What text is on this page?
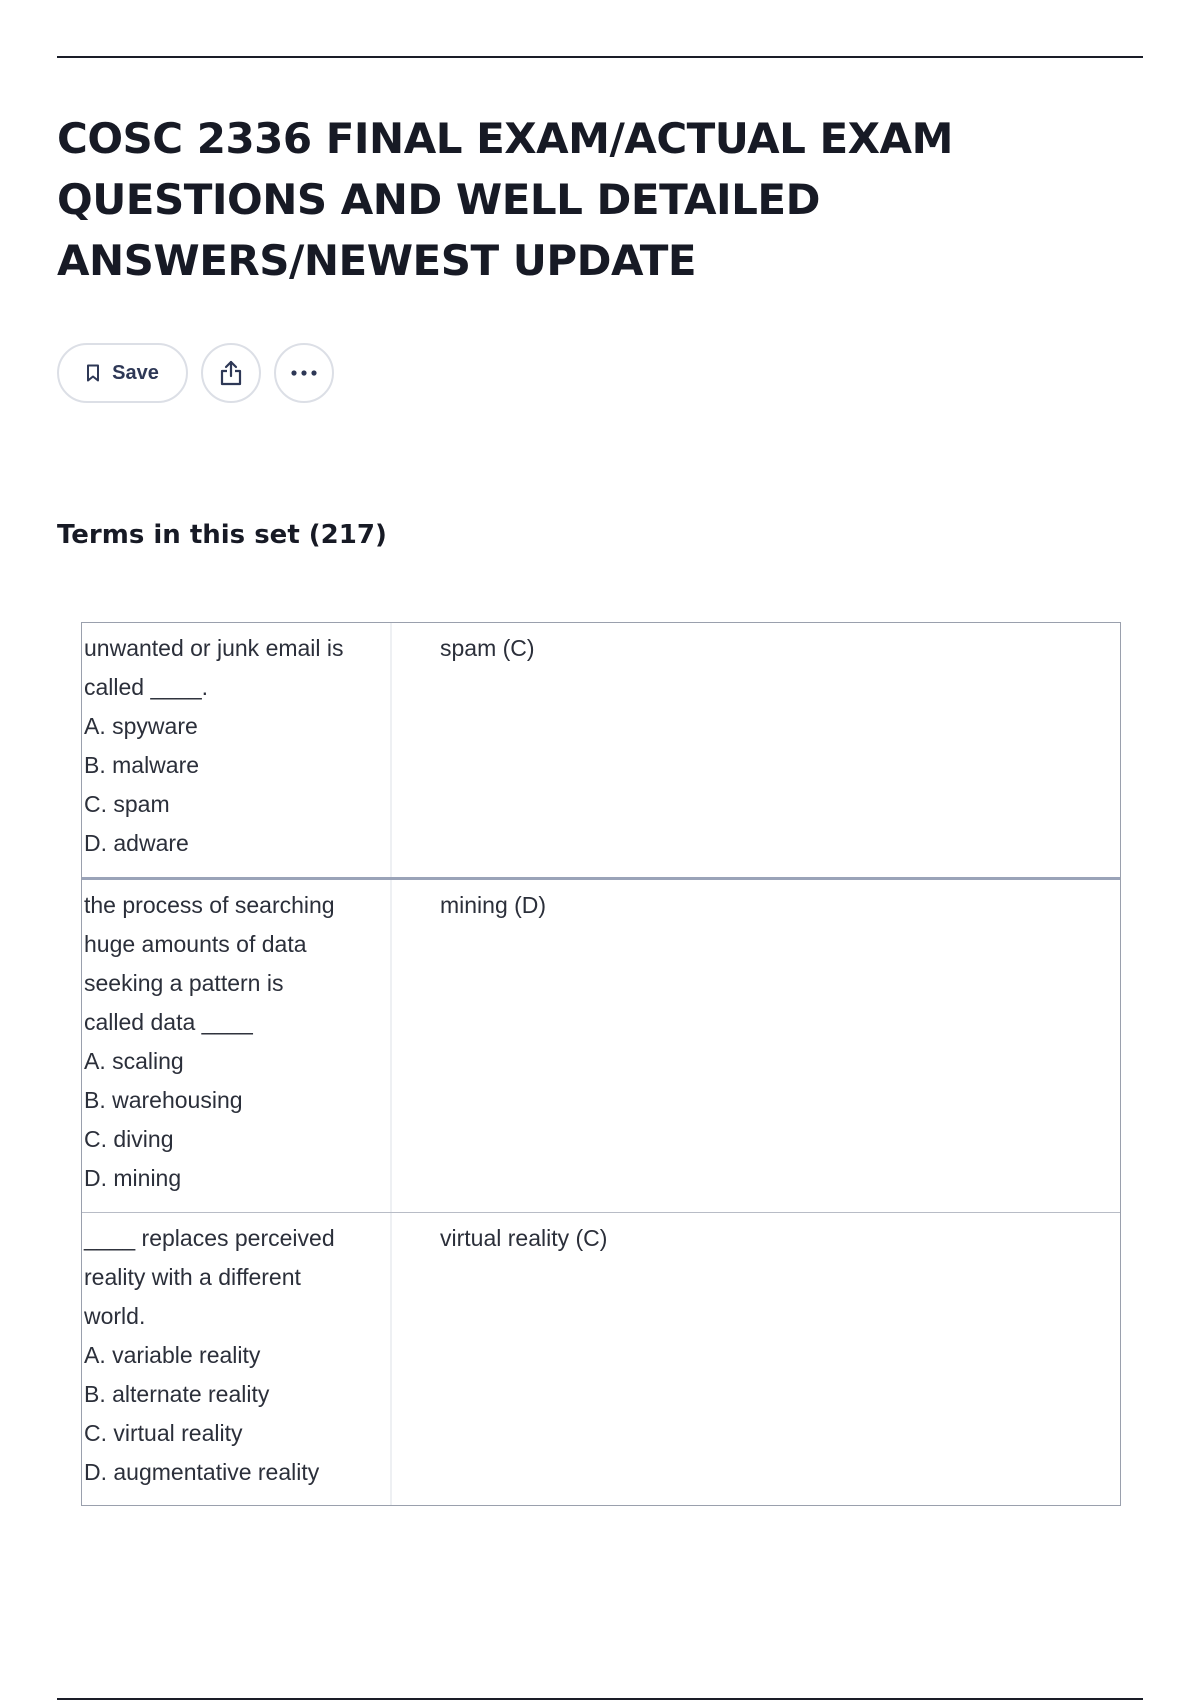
COSC 2336 FINAL EXAM/ACTUAL EXAM
QUESTIONS AND WELL DETAILED
ANSWERS/NEWEST UPDATE
Save
Terms in this set (217)
unwanted or junk email is
called ____.
A. spyware
B. malware
C. spam
D. adware
spam (C)
the process of searching
huge amounts of data
seeking a pattern is
called data ____
A. scaling
B. warehousing
C. diving
D. mining
mining (D)
____ replaces perceived
reality with a different
world.
A. variable reality
B. alternate reality
C. virtual reality
D. augmentative reality
virtual reality (C)
